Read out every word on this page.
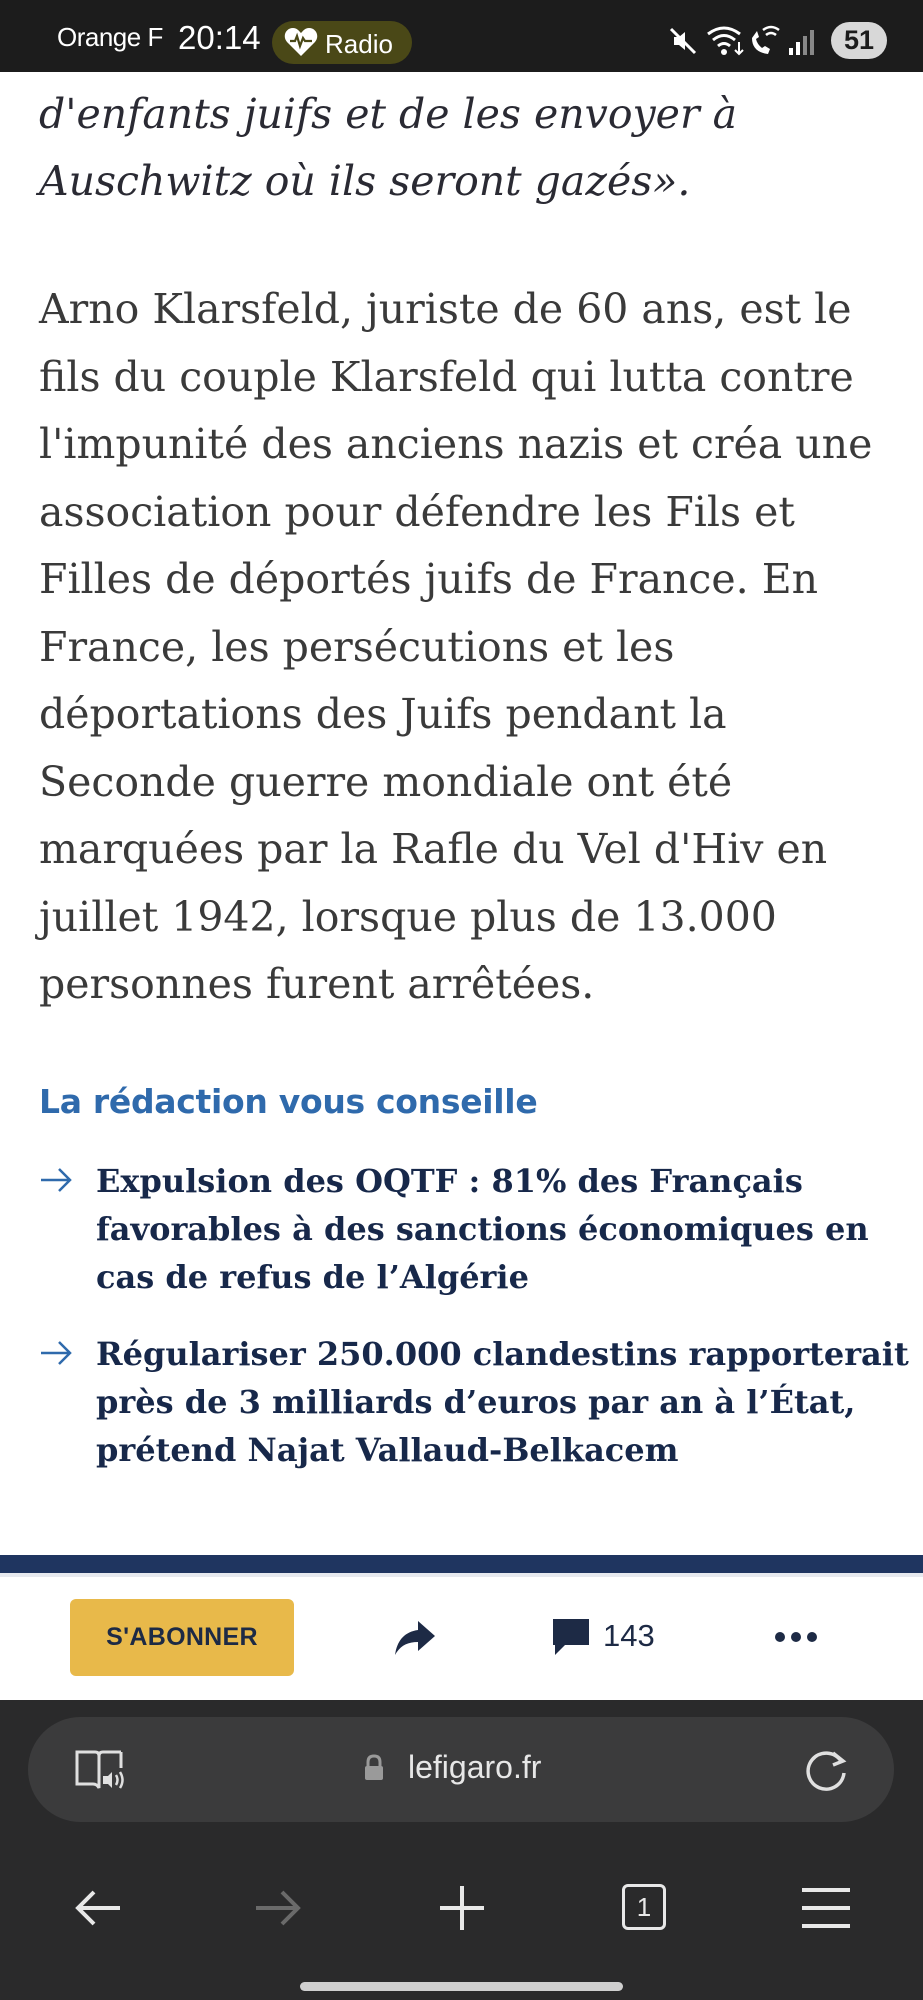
Orange F 20:14 Radio	51
d'enfants juifs et de les envoyer à
Auschwitz où ils seront gazés».
Arno Klarsfeld, juriste de 60 ans, est le
fils du couple Klarsfeld qui lutta contre
l'impunité des anciens nazis et créa une
association pour défendre les Fils et
Filles de déportés juifs de France. En
France, les persécutions et les
déportations des Juifs pendant la
Seconde guerre mondiale ont été
marquées par la Rafle du Vel d'Hiv en
juillet 1942, lorsque plus de 13.000
personnes furent arrêtées.
La rédaction vous conseille
Expulsion des OQTF : 81% des Français
favorables à des sanctions économiques en
cas de refus de l’Algérie
Régulariser 250.000 clandestins rapporterait
près de 3 milliards d’euros par an à l’État,
prétend Najat Vallaud-Belkacem
S'ABONNER	143
lefigaro.fr
1
